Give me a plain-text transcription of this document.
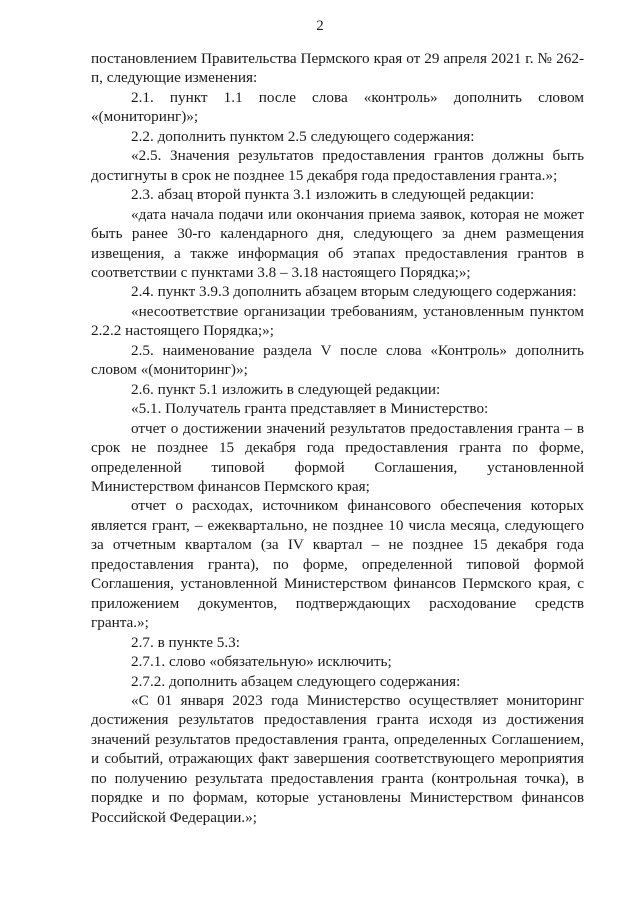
2

постановлением Правительства Пермского края от 29 апреля 2021 г. № 262-п, следующие изменения:

2.1. пункт 1.1 после слова «контроль» дополнить словом «(мониторинг)»;

2.2. дополнить пунктом 2.5 следующего содержания:

«2.5. Значения результатов предоставления грантов должны быть достигнуты в срок не позднее 15 декабря года предоставления гранта.»;

2.3. абзац второй пункта 3.1 изложить в следующей редакции:

«дата начала подачи или окончания приема заявок, которая не может быть ранее 30-го календарного дня, следующего за днем размещения извещения, а также информация об этапах предоставления грантов в соответствии с пунктами 3.8 – 3.18 настоящего Порядка;»;

2.4. пункт 3.9.3 дополнить абзацем вторым следующего содержания:

«несоответствие организации требованиям, установленным пунктом 2.2.2 настоящего Порядка;»;

2.5. наименование раздела V после слова «Контроль» дополнить словом «(мониторинг)»;

2.6. пункт 5.1 изложить в следующей редакции:

«5.1. Получатель гранта представляет в Министерство:

отчет о достижении значений результатов предоставления гранта – в срок не позднее 15 декабря года предоставления гранта по форме, определенной типовой формой Соглашения, установленной Министерством финансов Пермского края;

отчет о расходах, источником финансового обеспечения которых является грант, – ежеквартально, не позднее 10 числа месяца, следующего за отчетным кварталом (за IV квартал – не позднее 15 декабря года предоставления гранта), по форме, определенной типовой формой Соглашения, установленной Министерством финансов Пермского края, с приложением документов, подтверждающих расходование средств гранта.»;

2.7. в пункте 5.3:

2.7.1. слово «обязательную» исключить;

2.7.2. дополнить абзацем следующего содержания:

«С 01 января 2023 года Министерство осуществляет мониторинг достижения результатов предоставления гранта исходя из достижения значений результатов предоставления гранта, определенных Соглашением, и событий, отражающих факт завершения соответствующего мероприятия по получению результата предоставления гранта (контрольная точка), в порядке и по формам, которые установлены Министерством финансов Российской Федерации.»;
